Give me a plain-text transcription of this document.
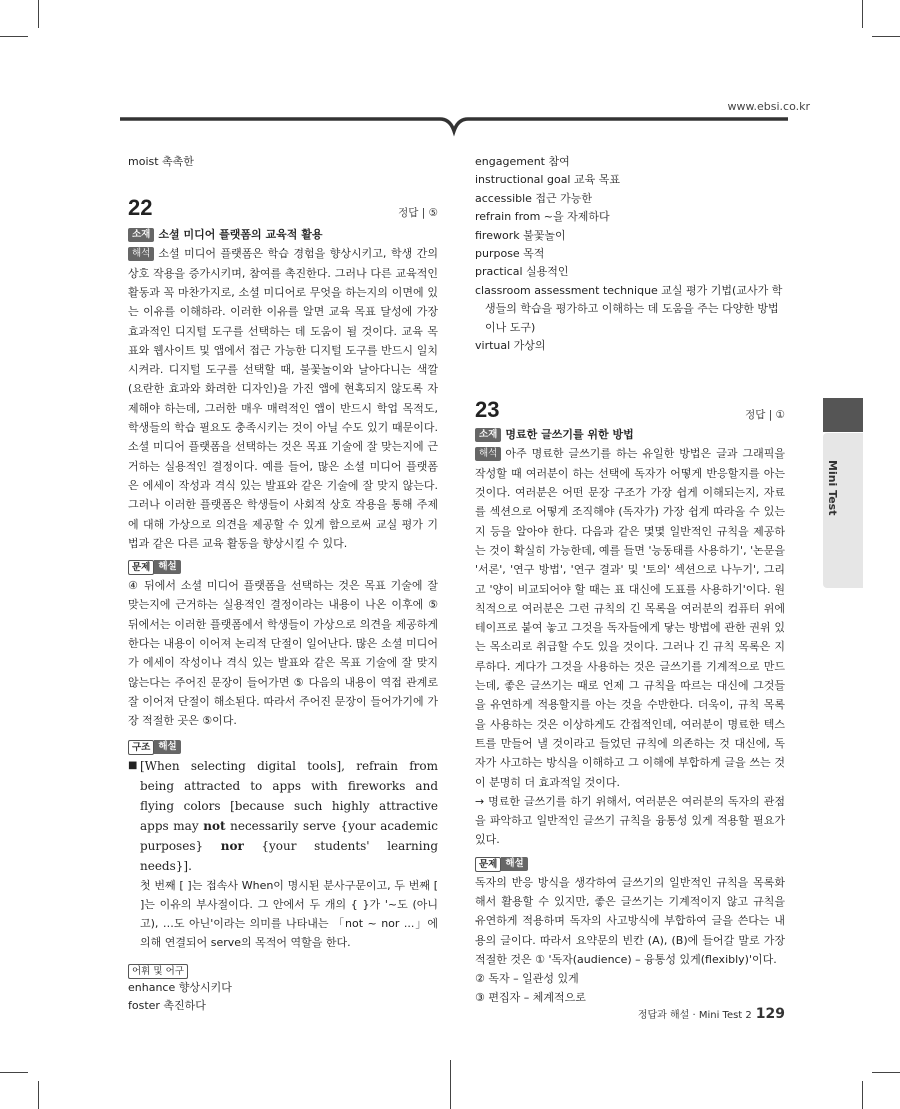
www.ebsi.co.kr
moist 촉촉한
22	정답 | ⑤
소재 소셜 미디어 플랫폼의 교육적 활용
해석 소셜 미디어 플랫폼은 학습 경험을 향상시키고, 학생 간의 상호 작용을 증가시키며, 참여를 촉진한다. 그러나 다른 교육적인 활동과 꼭 마찬가지로, 소셜 미디어로 무엇을 하는지의 이면에 있는 이유를 이해하라. 이러한 이유를 알면 교육 목표 달성에 가장 효과적인 디지털 도구를 선택하는 데 도움이 될 것이다. 교육 목표와 웹사이트 및 앱에서 접근 가능한 디지털 도구를 반드시 일치시켜라. 디지털 도구를 선택할 때, 불꽃놀이와 날아다니는 색깔(요란한 효과와 화려한 디자인)을 가진 앱에 현혹되지 않도록 자제해야 하는데, 그러한 매우 매력적인 앱이 반드시 학업 목적도, 학생들의 학습 필요도 충족시키는 것이 아닐 수도 있기 때문이다. 소셜 미디어 플랫폼을 선택하는 것은 목표 기술에 잘 맞는지에 근거하는 실용적인 결정이다. 예를 들어, 많은 소셜 미디어 플랫폼은 에세이 작성과 격식 있는 발표와 같은 기술에 잘 맞지 않는다. 그러나 이러한 플랫폼은 학생들이 사회적 상호 작용을 통해 주제에 대해 가상으로 의견을 제공할 수 있게 함으로써 교실 평가 기법과 같은 다른 교육 활동을 향상시킬 수 있다.
문제 해설
④ 뒤에서 소셜 미디어 플랫폼을 선택하는 것은 목표 기술에 잘 맞는지에 근거하는 실용적인 결정이라는 내용이 나온 이후에 ⑤ 뒤에서는 이러한 플랫폼에서 학생들이 가상으로 의견을 제공하게 한다는 내용이 이어져 논리적 단절이 일어난다. 많은 소셜 미디어가 에세이 작성이나 격식 있는 발표와 같은 목표 기술에 잘 맞지 않는다는 주어진 문장이 들어가면 ⑤ 다음의 내용이 역접 관계로 잘 이어져 단절이 해소된다. 따라서 주어진 문장이 들어가기에 가장 적절한 곳은 ⑤이다.
구조 해설
■ [When selecting digital tools], refrain from being attracted to apps with fireworks and flying colors [because such highly attractive apps may not necessarily serve {your academic purposes} nor {your students' learning needs}].
첫 번째 [ ]는 접속사 When이 명시된 분사구문이고, 두 번째 [ ]는 이유의 부사절이다. 그 안에서 두 개의 { }가 '~도 (아니고), …도 아닌'이라는 의미를 나타내는 「not ~ nor ...」에 의해 연결되어 serve의 목적어 역할을 한다.
어휘 및 어구
enhance 향상시키다
foster 촉진하다
engagement 참여
instructional goal 교육 목표
accessible 접근 가능한
refrain from ~을 자제하다
firework 불꽃놀이
purpose 목적
practical 실용적인
classroom assessment technique 교실 평가 기법(교사가 학생들의 학습을 평가하고 이해하는 데 도움을 주는 다양한 방법이나 도구)
virtual 가상의
23	정답 | ①
소재 명료한 글쓰기를 위한 방법
해석 아주 명료한 글쓰기를 하는 유일한 방법은 글과 그래픽을 작성할 때 여러분이 하는 선택에 독자가 어떻게 반응할지를 아는 것이다. 여러분은 어떤 문장 구조가 가장 쉽게 이해되는지, 자료를 섹션으로 어떻게 조직해야 (독자가) 가장 쉽게 따라올 수 있는지 등을 알아야 한다. 다음과 같은 몇몇 일반적인 규칙을 제공하는 것이 확실히 가능한데, 예를 들면 '능동태를 사용하기', '논문을 '서론', '연구 방법', '연구 결과' 및 '토의' 섹션으로 나누기', 그리고 '양이 비교되어야 할 때는 표 대신에 도표를 사용하기'이다. 원칙적으로 여러분은 그런 규칙의 긴 목록을 여러분의 컴퓨터 위에 테이프로 붙여 놓고 그것을 독자들에게 닿는 방법에 관한 권위 있는 목소리로 취급할 수도 있을 것이다. 그러나 긴 규칙 목록은 지루하다. 게다가 그것을 사용하는 것은 글쓰기를 기계적으로 만드는데, 좋은 글쓰기는 때로 언제 그 규칙을 따르는 대신에 그것들을 유연하게 적용할지를 아는 것을 수반한다. 더욱이, 규칙 목록을 사용하는 것은 이상하게도 간접적인데, 여러분이 명료한 텍스트를 만들어 낼 것이라고 들었던 규칙에 의존하는 것 대신에, 독자가 사고하는 방식을 이해하고 그 이해에 부합하게 글을 쓰는 것이 분명히 더 효과적일 것이다.
→ 명료한 글쓰기를 하기 위해서, 여러분은 여러분의 독자의 관점을 파악하고 일반적인 글쓰기 규칙을 융통성 있게 적용할 필요가 있다.
문제 해설
독자의 반응 방식을 생각하여 글쓰기의 일반적인 규칙을 목록화해서 활용할 수 있지만, 좋은 글쓰기는 기계적이지 않고 규칙을 유연하게 적용하며 독자의 사고방식에 부합하여 글을 쓴다는 내용의 글이다. 따라서 요약문의 빈칸 (A), (B)에 들어갈 말로 가장 적절한 것은 ① '독자(audience) – 융통성 있게(flexibly)'이다.
② 독자 – 일관성 있게
③ 편집자 – 체계적으로
Mini Test
정답과 해설 · Mini Test 2 129
